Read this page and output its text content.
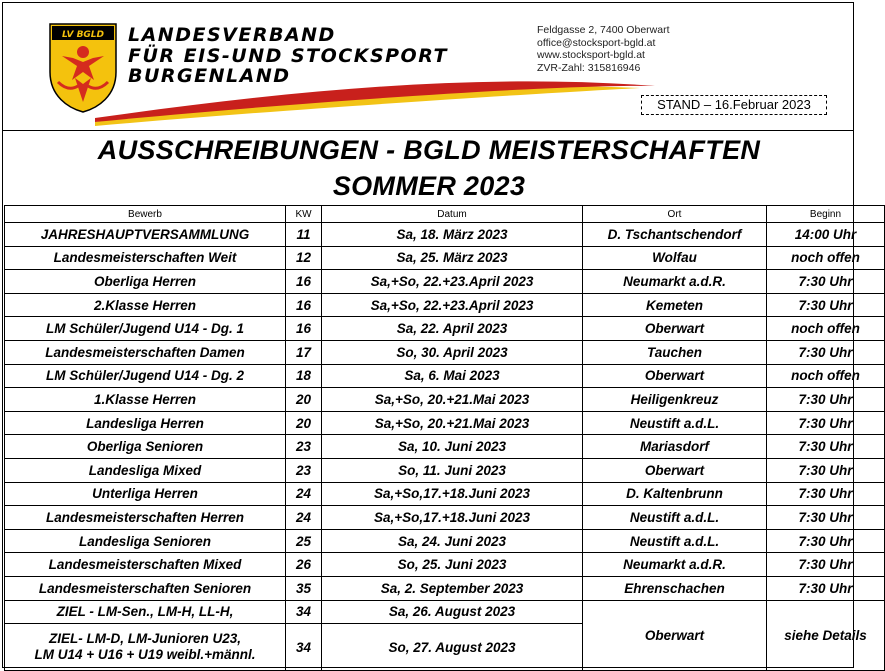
LV BGLD LANDESVERBAND
FÜR EIS-UND STOCKSPORT
BURGENLAND
Feldgasse 2, 7400 Oberwart
office@stocksport-bgld.at
www.stocksport-bgld.at
ZVR-Zahl: 315816946
STAND – 16.Februar 2023
AUSSCHREIBUNGEN - BGLD MEISTERSCHAFTEN
SOMMER 2023
Bewerb	KW	Datum	Ort	Beginn
JAHRESHAUPTVERSAMMLUNG	11	Sa, 18. März 2023	D. Tschantschendorf	14:00 Uhr
Landesmeisterschaften Weit	12	Sa, 25. März 2023	Wolfau	noch offen
Oberliga Herren	16	Sa,+So, 22.+23.April 2023	Neumarkt a.d.R.	7:30 Uhr
2.Klasse Herren	16	Sa,+So, 22.+23.April 2023	Kemeten	7:30 Uhr
LM Schüler/Jugend U14 - Dg. 1	16	Sa, 22. April 2023	Oberwart	noch offen
Landesmeisterschaften Damen	17	So, 30. April 2023	Tauchen	7:30 Uhr
LM Schüler/Jugend U14 - Dg. 2	18	Sa, 6. Mai 2023	Oberwart	noch offen
1.Klasse Herren	20	Sa,+So, 20.+21.Mai 2023	Heiligenkreuz	7:30 Uhr
Landesliga Herren	20	Sa,+So, 20.+21.Mai 2023	Neustift a.d.L.	7:30 Uhr
Oberliga Senioren	23	Sa, 10. Juni 2023	Mariasdorf	7:30 Uhr
Landesliga Mixed	23	So, 11. Juni 2023	Oberwart	7:30 Uhr
Unterliga Herren	24	Sa,+So,17.+18.Juni 2023	D. Kaltenbrunn	7:30 Uhr
Landesmeisterschaften Herren	24	Sa,+So,17.+18.Juni 2023	Neustift a.d.L.	7:30 Uhr
Landesliga Senioren	25	Sa, 24. Juni 2023	Neustift a.d.L.	7:30 Uhr
Landesmeisterschaften Mixed	26	So, 25. Juni 2023	Neumarkt a.d.R.	7:30 Uhr
Landesmeisterschaften Senioren	35	Sa, 2. September 2023	Ehrenschachen	7:30 Uhr
ZIEL - LM-Sen., LM-H, LL-H,	34	Sa, 26. August 2023	Oberwart	siehe Details

ZIEL- LM-D, LM-Junioren U23,
LM U14 + U16 + U19 weibl.+männl.	34	So, 27. August 2023		
